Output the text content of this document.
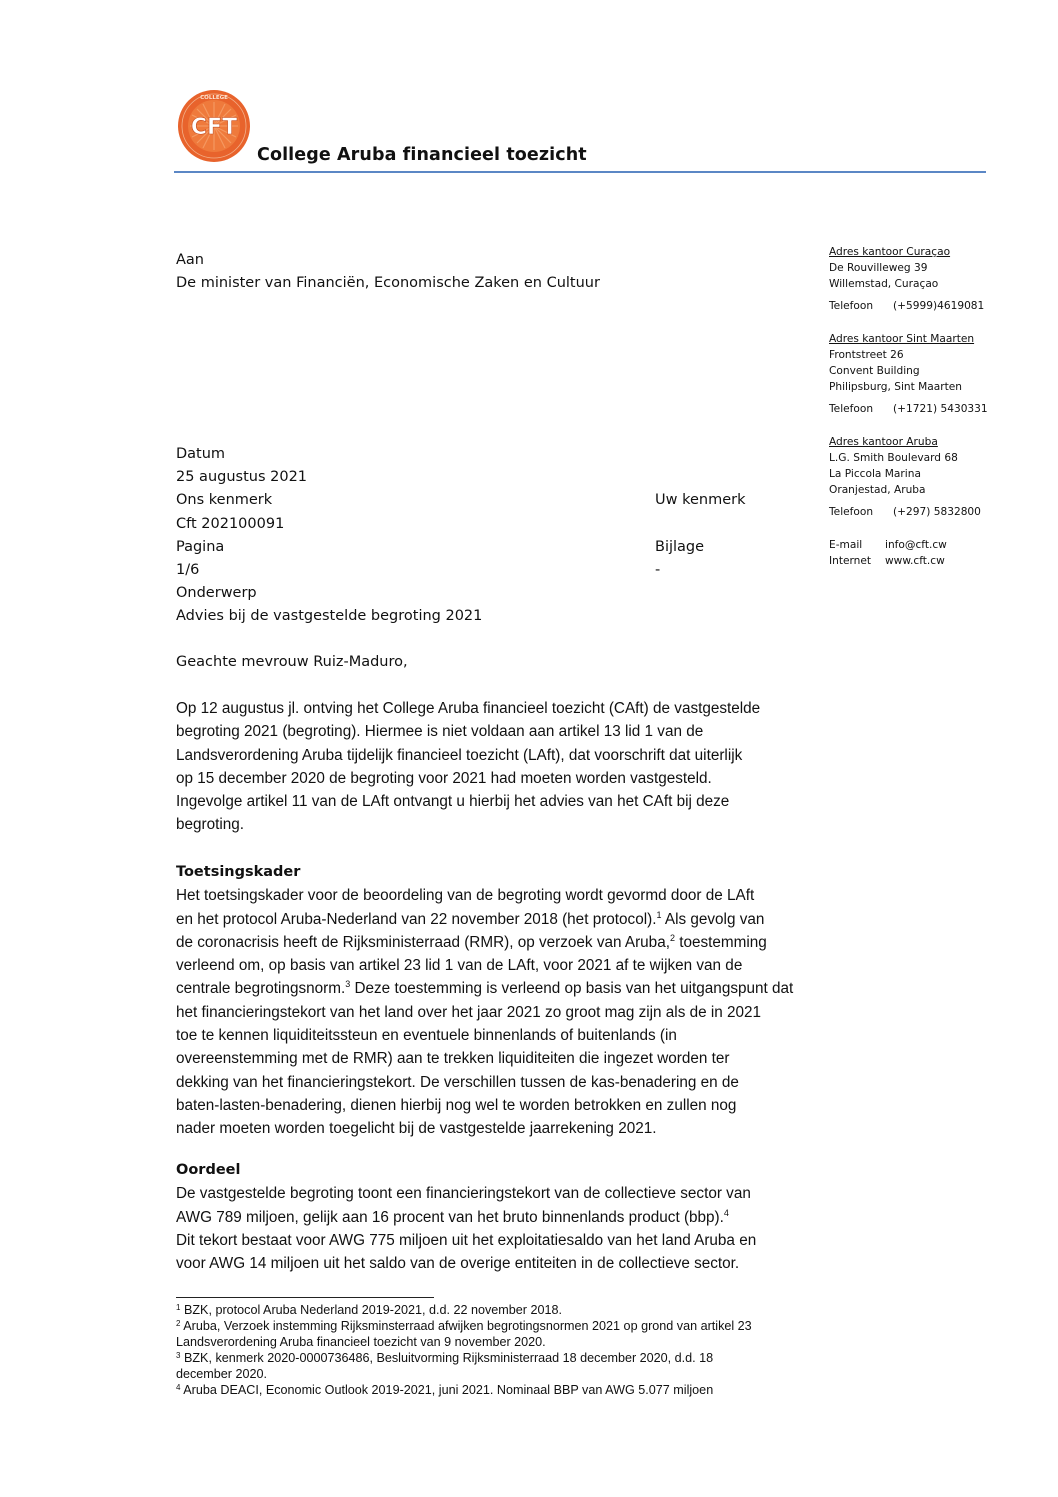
CFT
COLLEGE
College Aruba financieel toezicht
Aan
De minister van Financiën, Economische Zaken en Cultuur
Datum
25 augustus 2021
Ons kenmerk
Cft 202100091
Pagina
1/6
Onderwerp
Advies bij de vastgestelde begroting 2021
Uw kenmerk
Bijlage
-
Adres kantoor Curaçao
De Rouvilleweg 39
Willemstad, Curaçao
Telefoon (+5999)4619081
Adres kantoor Sint Maarten
Frontstreet 26
Convent Building
Philipsburg, Sint Maarten
Telefoon (+1721) 5430331
Adres kantoor Aruba
L.G. Smith Boulevard 68
La Piccola Marina
Oranjestad, Aruba
Telefoon (+297) 5832800
E-mail info@cft.cw
Internet www.cft.cw
Geachte mevrouw Ruiz-Maduro,
Op 12 augustus jl. ontving het College Aruba financieel toezicht (CAft) de vastgestelde
begroting 2021 (begroting). Hiermee is niet voldaan aan artikel 13 lid 1 van de
Landsverordening Aruba tijdelijk financieel toezicht (LAft), dat voorschrift dat uiterlijk
op 15 december 2020 de begroting voor 2021 had moeten worden vastgesteld.
Ingevolge artikel 11 van de LAft ontvangt u hierbij het advies van het CAft bij deze
begroting.
Toetsingskader
Het toetsingskader voor de beoordeling van de begroting wordt gevormd door de LAft
en het protocol Aruba-Nederland van 22 november 2018 (het protocol).$^1$ Als gevolg van
de coronacrisis heeft de Rijksministerraad (RMR), op verzoek van Aruba,$^2$ toestemming
verleend om, op basis van artikel 23 lid 1 van de LAft, voor 2021 af te wijken van de
centrale begrotingsnorm.$^3$ Deze toestemming is verleend op basis van het uitgangspunt dat
het financieringstekort van het land over het jaar 2021 zo groot mag zijn als de in 2021
toe te kennen liquiditeitssteun en eventuele binnenlands of buitenlands (in
overeenstemming met de RMR) aan te trekken liquiditeiten die ingezet worden ter
dekking van het financieringstekort. De verschillen tussen de kas-benadering en de
baten-lasten-benadering, dienen hierbij nog wel te worden betrokken en zullen nog
nader moeten worden toegelicht bij de vastgestelde jaarrekening 2021.
Oordeel
De vastgestelde begroting toont een financieringstekort van de collectieve sector van
AWG 789 miljoen, gelijk aan 16 procent van het bruto binnenlands product (bbp).$^4$
Dit tekort bestaat voor AWG 775 miljoen uit het exploitatiesaldo van het land Aruba en
voor AWG 14 miljoen uit het saldo van de overige entiteiten in de collectieve sector.
$^1$ BZK, protocol Aruba Nederland 2019-2021, d.d. 22 november 2018.
$^2$ Aruba, Verzoek instemming Rijksminsterraad afwijken begrotingsnormen 2021 op grond van artikel 23
Landsverordening Aruba financieel toezicht van 9 november 2020.
$^3$ BZK, kenmerk 2020-0000736486, Besluitvorming Rijksministerraad 18 december 2020, d.d. 18
december 2020.
$^4$ Aruba DEACI, Economic Outlook 2019-2021, juni 2021. Nominaal BBP van AWG 5.077 miljoen
